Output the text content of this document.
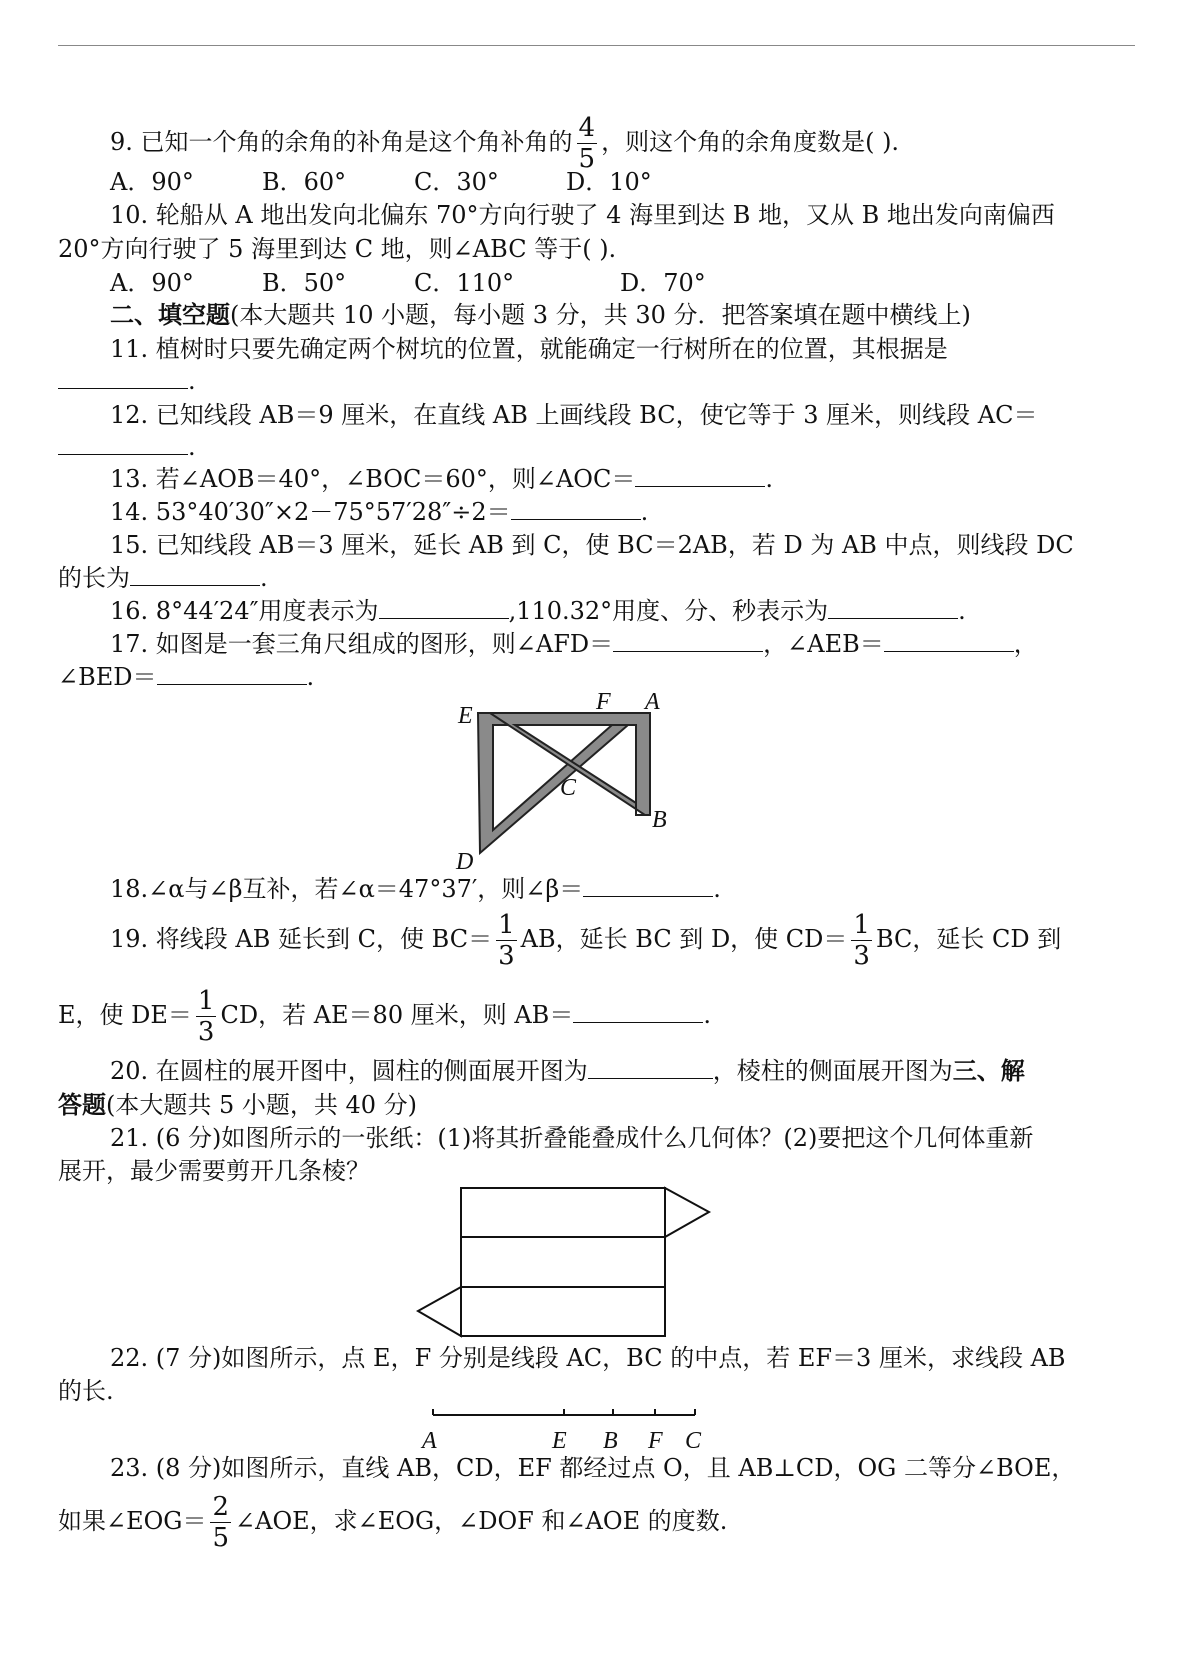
9. 已知一个角的余角的补角是这个角补角的 $\frac{4}{5}$ ，则这个角的余角度数是( ).
A．90°	B．60°	C．30°	D．10°
10. 轮船从 A 地出发向北偏东 70°方向行驶了 4 海里到达 B 地，又从 B 地出发向南偏西
20°方向行驶了 5 海里到达 C 地，则∠ABC 等于( ).
A．90°	B．50°	C．110°	D．70°
二、填空题(本大题共 10 小题，每小题 3 分，共 30 分．把答案填在题中横线上)
11. 植树时只要先确定两个树坑的位置，就能确定一行树所在的位置，其根据是
.
12. 已知线段 AB＝9 厘米，在直线 AB 上画线段 BC，使它等于 3 厘米，则线段 AC＝
.
13. 若∠AOB＝40°，∠BOC＝60°，则∠AOC＝	.
14. 53°40′30″×2－75°57′28″÷2＝	.
15. 已知线段 AB＝3 厘米，延长 AB 到 C，使 BC＝2AB，若 D 为 AB 中点，则线段 DC
的长为	.
16. 8°44′24″用度表示为	,110.32°用度、分、秒表示为	.
17. 如图是一套三角尺组成的图形，则∠AFD＝	，∠AEB＝	，
∠BED＝	.
E
F A
C
B
D
18.∠α与∠β互补，若∠α＝47°37′，则∠β＝	.
19. 将线段 AB 延长到 C，使 $BC= \frac{1}{3}$ AB，延长 BC 到 D，使 $CD= \frac{1}{3}$ BC，延长 CD 到
E，使 $DE= \frac{1}{3}$ CD，若 AE＝80 厘米，则 AB＝	.
20. 在圆柱的展开图中，圆柱的侧面展开图为	，棱柱的侧面展开图为三、解
答题(本大题共 5 小题，共 40 分)
21. (6 分)如图所示的一张纸：(1)将其折叠能叠成什么几何体？(2)要把这个几何体重新
展开，最少需要剪开几条棱？
22. (7 分)如图所示，点 E，F 分别是线段 AC，BC 的中点，若 EF＝3 厘米，求线段 AB
的长.
A	E B F C
23. (8 分)如图所示，直线 AB，CD，EF 都经过点 O，且 AB⊥CD，OG 二等分∠BOE，
如果∠EOG＝ $\frac{2}{5}$ ∠AOE，求∠EOG，∠DOF 和∠AOE 的度数.
